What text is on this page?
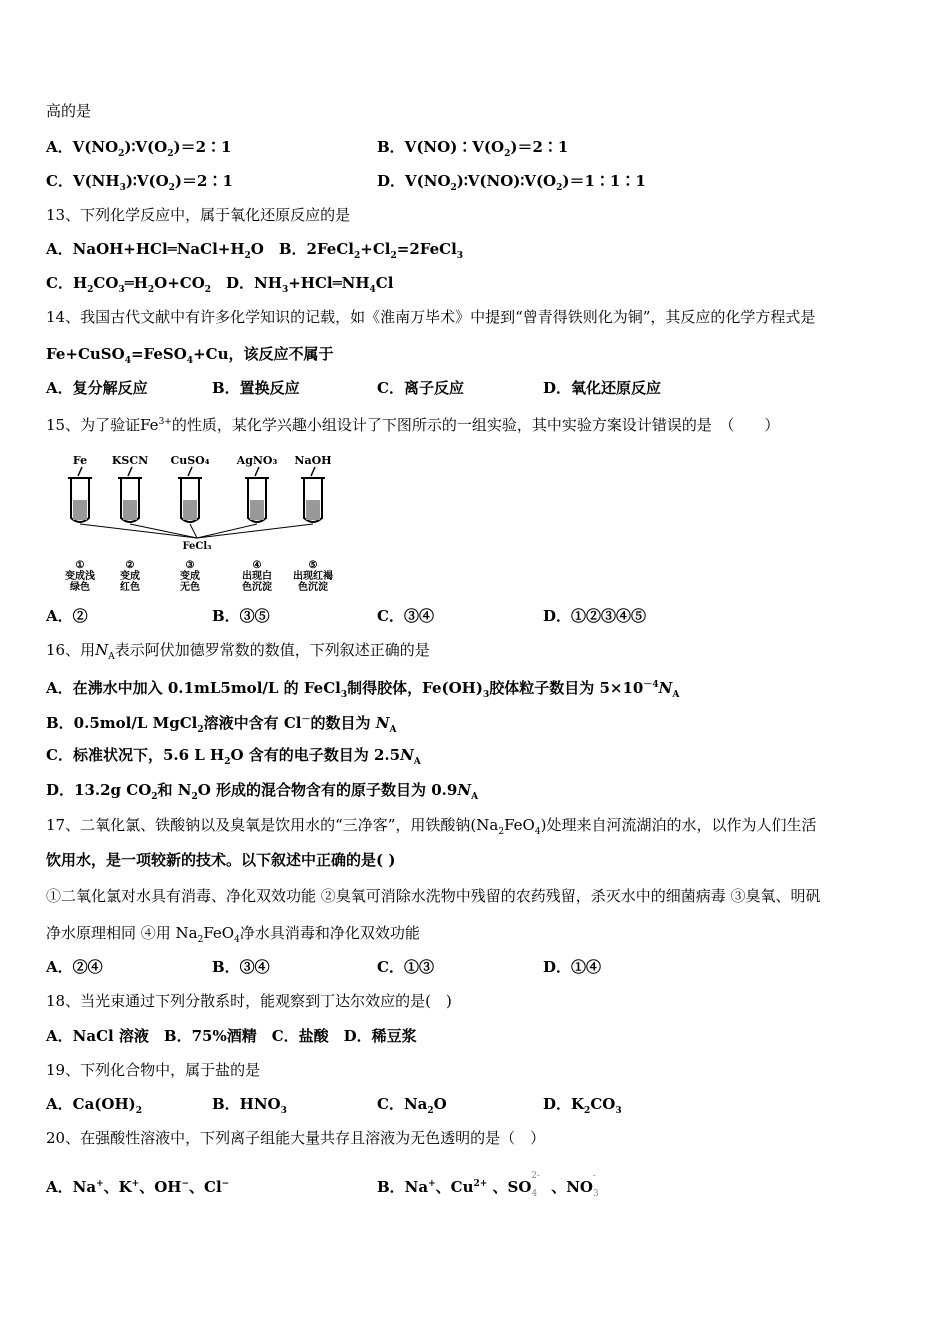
高的是
A．$V(NO_2)∶V(O_2)=2∶1$	B．$V(NO)∶V(O_2)=2∶1$
C．$V(NH_3)∶V(O_2)=2∶1$	D．$V(NO_2)∶V(NO)∶V(O_2)=1∶1∶1$
13、下列化学反应中，属于氧化还原反应的是
A．$NaOH+HCl═NaCl+H_2O$　B．$2FeCl_2+Cl_2=2FeCl_3$
C．$H_2CO_3═H_2O+CO_2$　D．$NH_3+HCl═NH_4Cl$
14、我国古代文献中有许多化学知识的记载，如《淮南万毕术》中提到“曾青得铁则化为铜”，其反应的化学方程式是
Fe+CuSO$_4$=FeSO$_4$+Cu，该反应不属于
A．复分解反应	B．置换反应	C．离子反应	D．氧化还原反应
15、为了验证$Fe^{3+}$的性质，某化学兴趣小组设计了下图所示的一组实验，其中实验方案设计错误的是　（　　）
Fe
①
变成浅
绿色
KSCN
②
变成
红色
CuSO₄
③
变成
无色
AgNO₃
④
出现白
色沉淀
NaOH
⑤
出现红褐
色沉淀
FeCl₃
A．②	B．③⑤	C．③④	D．①②③④⑤
16、用$N_A$表示阿伏加德罗常数的数值，下列叙述正确的是
A．在沸水中加入 0.1mL5mol/L 的 FeCl$_3$制得胶体，$Fe(OH)_3$胶体粒子数目为 $5\times 10^{-4}N_A$
B．0.5mol/L MgCl$_2$溶液中含有 Cl－的数目为 $N_A$
C．标准状况下，5.6 L $H_2O$ 含有的电子数目为 $2.5N_A$
D．13.2g $CO_2$和 $N_2O$ 形成的混合物含有的原子数目为 $0.9N_A$
17、二氧化氯、铁酸钠以及臭氧是饮用水的“三净客”，用铁酸钠$(Na_2FeO_4)$处理来自河流湖泊的水，以作为人们生活
饮用水，是一项较新的技术。以下叙述中正确的是( )
①二氧化氯对水具有消毒、净化双效功能 ②臭氧可消除水洗物中残留的农药残留，杀灭水中的细菌病毒 ③臭氧、明矾
净水原理相同 ④用 $Na_2FeO_4$净水具消毒和净化双效功能
A．②④	B．③④	C．①③	D．①④
18、当光束通过下列分散系时，能观察到丁达尔效应的是(　)
A．NaCl 溶液　B．75%酒精　C．盐酸　D．稀豆浆
19、下列化合物中，属于盐的是
A．$Ca(OH)_2$	B．$HNO_3$	C．$Na_2O$	D．$K_2CO_3$
20、在强酸性溶液中，下列离子组能大量共存且溶液为无色透明的是（　）
A．Na+、K+、OH−、Cl−	B．Na+、$Cu^{2+}$ 、$SO_4^{2-}$ 、$NO_3^-$
